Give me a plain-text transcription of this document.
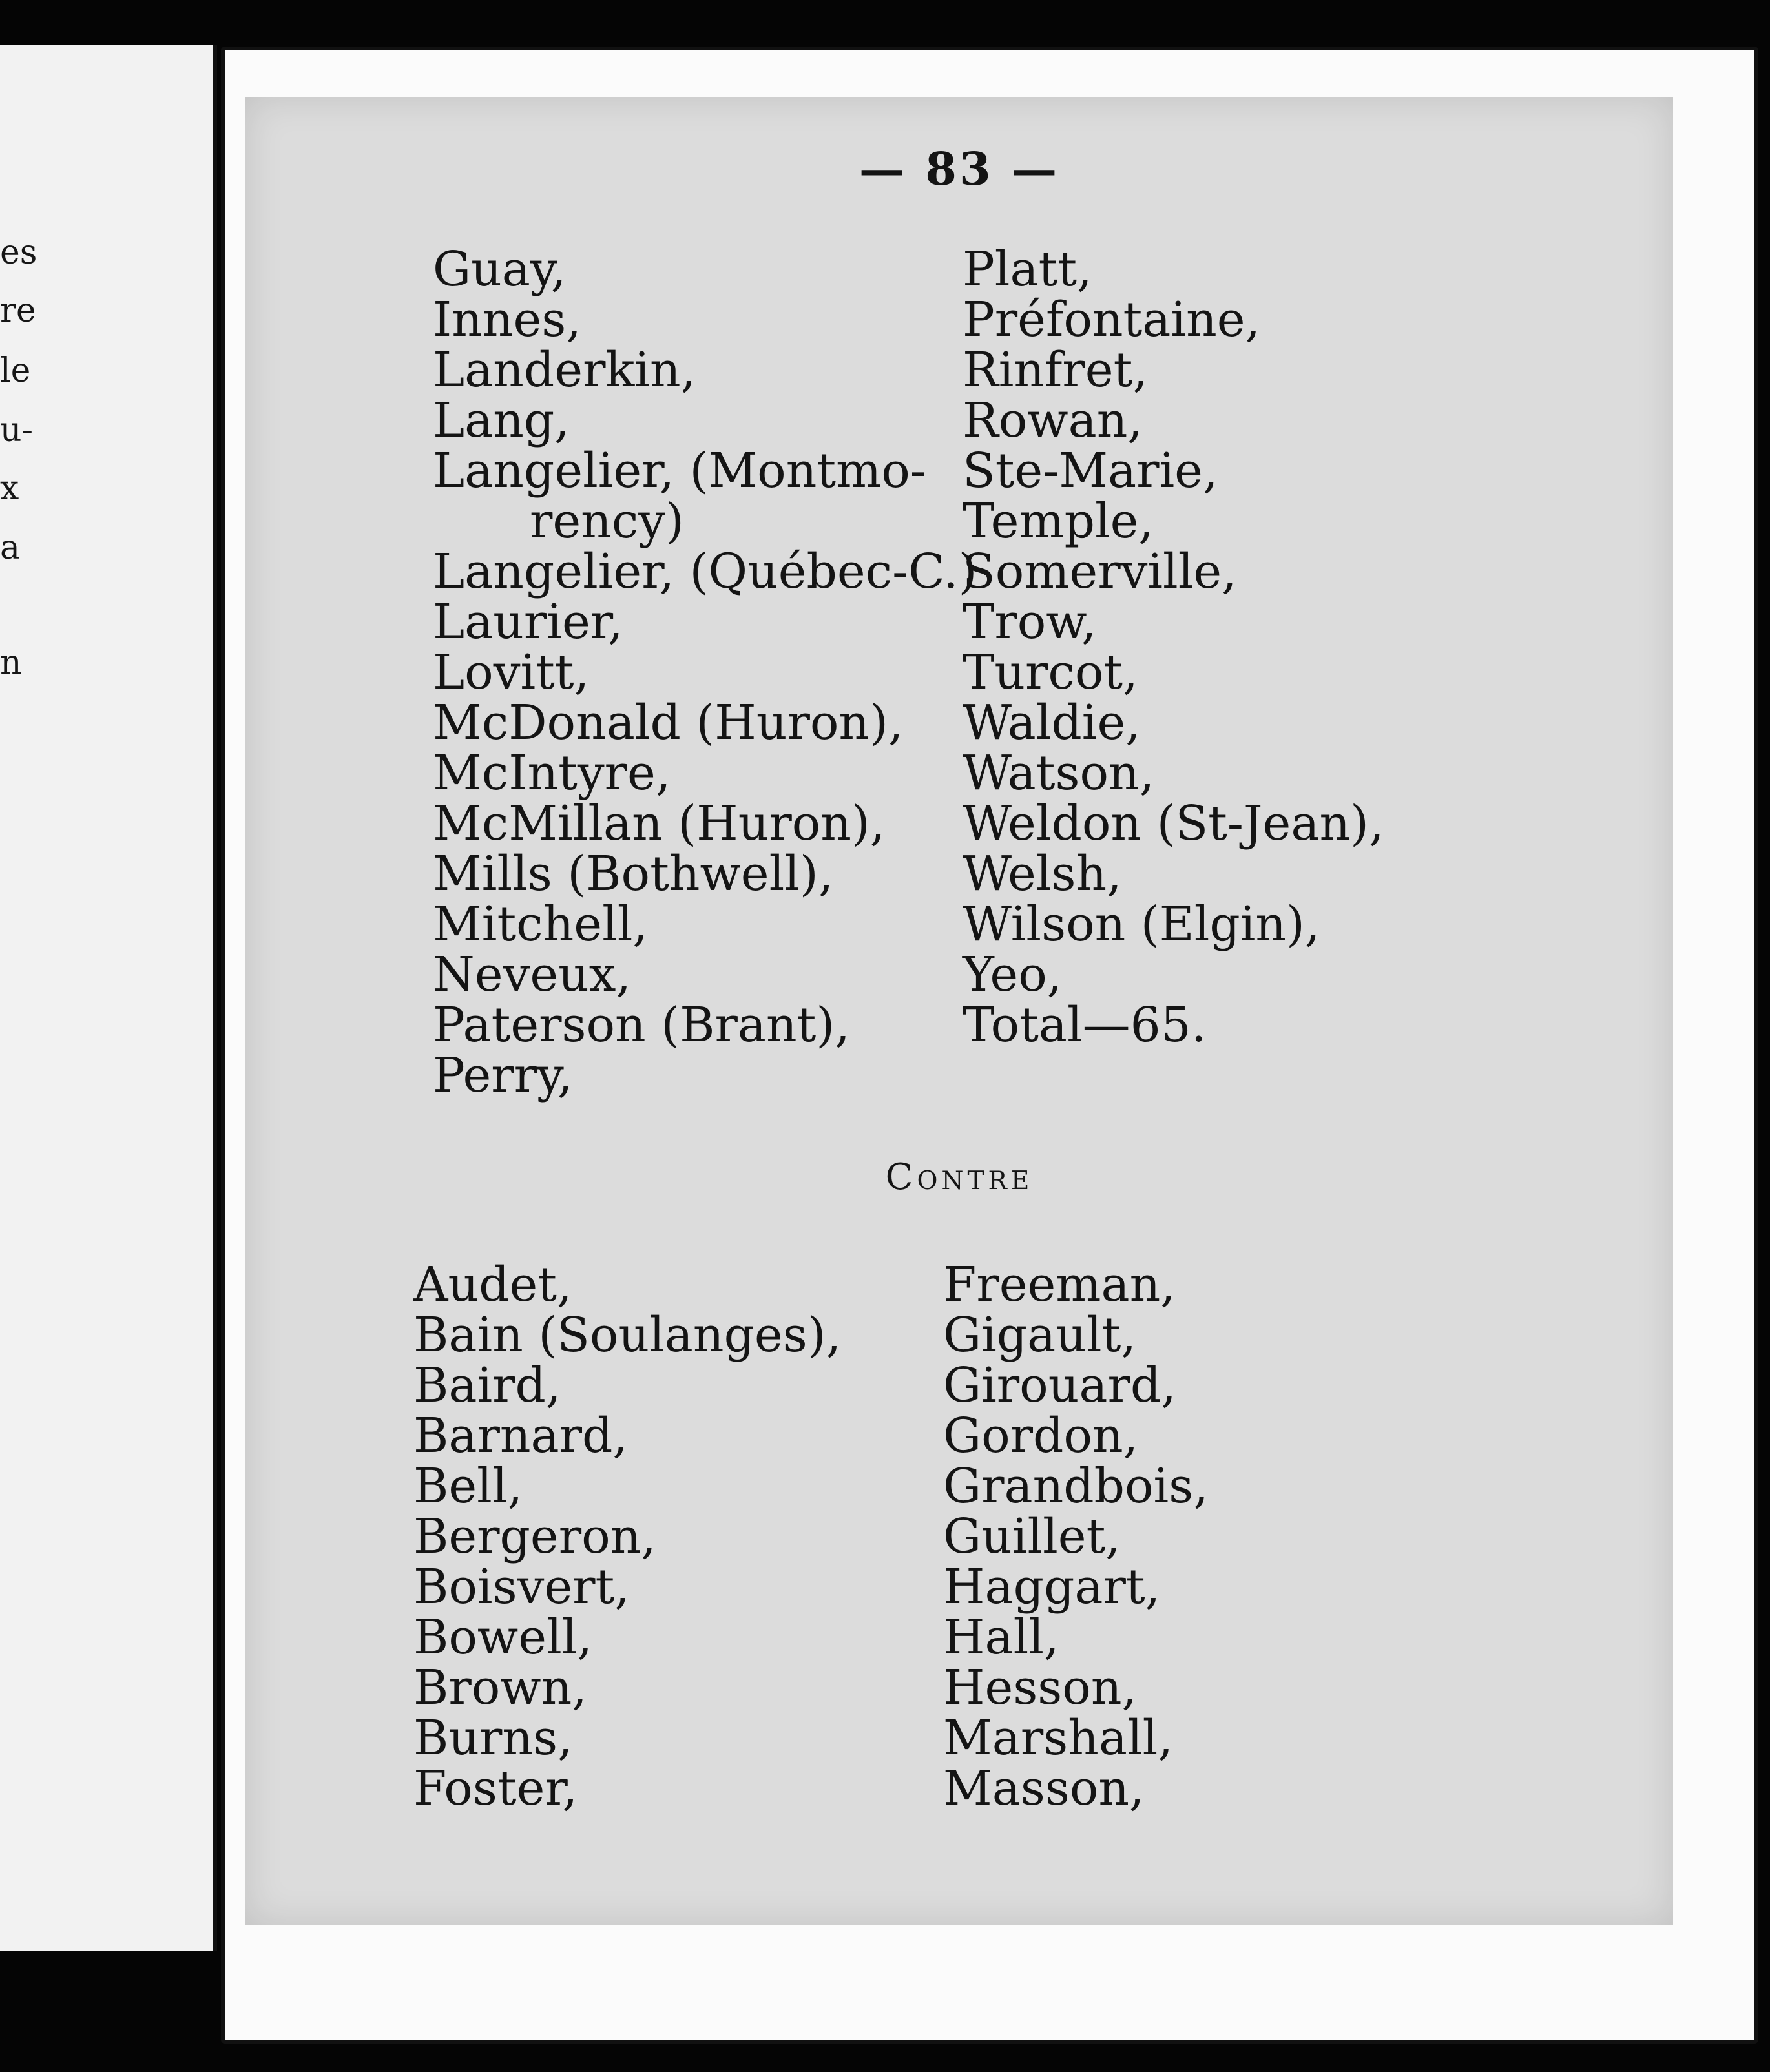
es
re
le
u-
x
a
n
— 83 —
Guay,
Innes,
Landerkin,
Lang,
Langelier, (Montmo-
rency)
Langelier, (Québec-C.)
Laurier,
Lovitt,
McDonald (Huron),
McIntyre,
McMillan (Huron),
Mills (Bothwell),
Mitchell,
Neveux,
Paterson (Brant),
Perry,
Platt,
Préfontaine,
Rinfret,
Rowan,
Ste-Marie,
Temple,
Somerville,
Trow,
Turcot,
Waldie,
Watson,
Weldon (St-Jean),
Welsh,
Wilson (Elgin),
Yeo,
Total—65.
Contre
Audet,
Bain (Soulanges),
Baird,
Barnard,
Bell,
Bergeron,
Boisvert,
Bowell,
Brown,
Burns,
Foster,
Freeman,
Gigault,
Girouard,
Gordon,
Grandbois,
Guillet,
Haggart,
Hall,
Hesson,
Marshall,
Masson,
